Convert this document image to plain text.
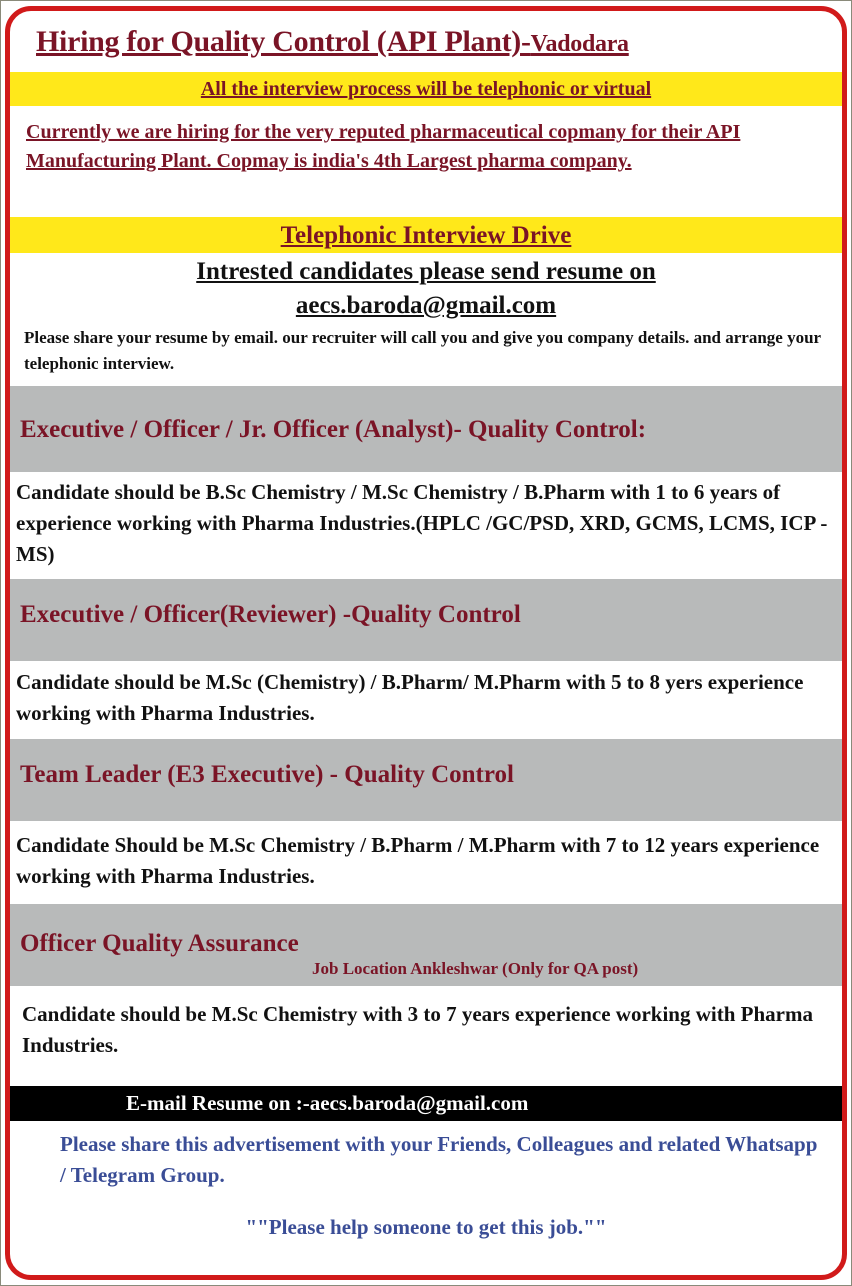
Hiring for Quality Control (API Plant)-Vadodara
All the interview process will be telephonic or virtual
Currently we are hiring for the very reputed pharmaceutical copmany for their API Manufacturing Plant. Copmay is india's 4th Largest pharma company.
Telephonic Interview Drive
Intrested candidates please send resume on
aecs.baroda@gmail.com
Please share your resume by email. our recruiter will call you and give you company details. and arrange your telephonic interview.
Executive / Officer / Jr. Officer (Analyst)- Quality Control:
Candidate should be B.Sc Chemistry / M.Sc Chemistry / B.Pharm with 1 to 6 years of experience working with Pharma Industries.(HPLC /GC/PSD, XRD, GCMS, LCMS, ICP - MS)
Executive / Officer(Reviewer) -Quality Control
Candidate should be M.Sc (Chemistry) / B.Pharm/ M.Pharm with 5 to 8 yers experience working with Pharma Industries.
Team Leader (E3 Executive) - Quality Control
Candidate Should be M.Sc Chemistry / B.Pharm / M.Pharm with 7 to 12 years experience working with Pharma Industries.
Officer Quality Assurance
Job Location Ankleshwar (Only for QA post)
Candidate should be M.Sc Chemistry with 3 to 7 years experience working with Pharma Industries.
E-mail Resume on :-aecs.baroda@gmail.com
Please share this advertisement with your Friends, Colleagues and related Whatsapp / Telegram Group.
""Please help someone to get this job.""
